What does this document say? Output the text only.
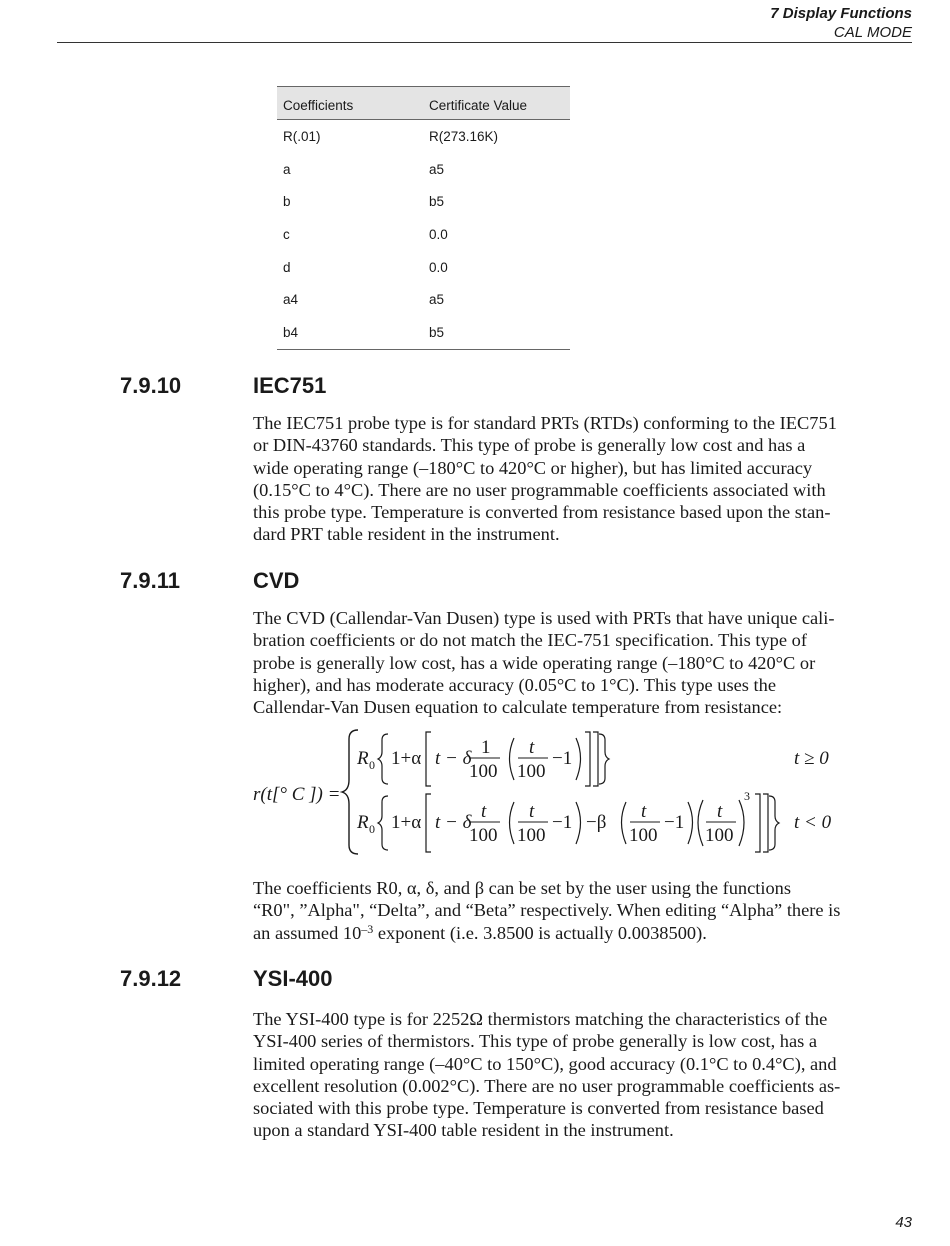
7 Display Functions
CAL MODE
Coefficients	Certificate Value
R(.01)	R(273.16K)
a	a5
b	b5
c	0.0
d	0.0
a4	a5
b4	b5
7.9.10	IEC751

The IEC751 probe type is for standard PRTs (RTDs) conforming to the IEC751
or DIN-43760 standards. This type of probe is generally low cost and has a
wide operating range (–180°C to 420°C or higher), but has limited accuracy
(0.15°C to 4°C). There are no user programmable coefficients associated with
this probe type. Temperature is converted from resistance based upon the stan-
dard PRT table resident in the instrument.

7.9.11	CVD

The CVD (Callendar-Van Dusen) type is used with PRTs that have unique cali-
bration coefficients or do not match the IEC-751 specification. This type of
probe is generally low cost, has a wide operating range (–180°C to 420°C or
higher), and has moderate accuracy (0.05°C to 1°C). This type uses the
Callendar-Van Dusen equation to calculate temperature from resistance:

r(t[° C ]) =
R 0 1+α t − δ
1
100
t
100
−1	t ≥ 0
R 0 1+α t − δ
t
100
t
100
−1 −β
t
100
−1
t
100
3
t < 0

The coefficients R0, α, δ, and β can be set by the user using the functions
“R0", ”Alpha", “Delta”, and “Beta” respectively. When editing “Alpha” there is
an assumed $10^{-3}$ exponent (i.e. 3.8500 is actually 0.0038500).

7.9.12	YSI-400

The YSI-400 type is for 2252Ω thermistors matching the characteristics of the
YSI-400 series of thermistors. This type of probe generally is low cost, has a
limited operating range (–40°C to 150°C), good accuracy (0.1°C to 0.4°C), and
excellent resolution (0.002°C). There are no user programmable coefficients as-
sociated with this probe type. Temperature is converted from resistance based
upon a standard YSI-400 table resident in the instrument.

43
